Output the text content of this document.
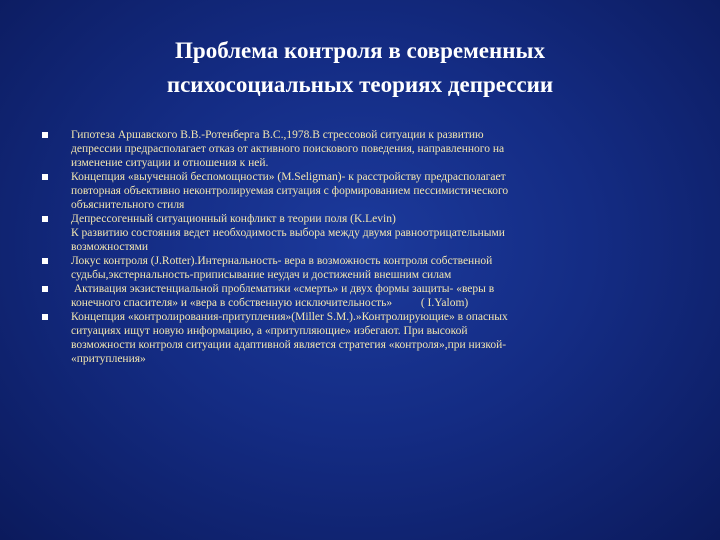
Проблема контроля в современных
психосоциальных теориях депрессии
Гипотеза Аршавского В.В.-Ротенберга В.С.,1978.В стрессовой ситуации к развитию
депрессии предрасполагает отказ от активного поискового поведения, направленного на
изменение ситуации и отношения к ней.
Концепция «выученной беспомощности» (M.Seligman)- к расстройству предрасполагает
повторная объективно неконтролируемая ситуация с формированием пессимистического
объяснительного стиля
Депрессогенный ситуационный конфликт в теории поля (K.Levin)
К развитию состояния ведет необходимость выбора между двумя равноотрицательными
возможностями
Локус контроля (J.Rotter).Интернальность- вера в возможность контроля собственной
судьбы,экстернальность-приписывание неудач и достижений внешним силам
Активация экзистенциальной проблематики «смерть» и двух формы защиты- «веры в
конечного спасителя» и «вера в собственную исключительность»          ( I.Yalom)
Концепция «контролирования-притупления»(Miller S.M.).»Контролирующие» в опасных
ситуациях ищут новую информацию, а «притупляющие» избегают. При высокой
возможности контроля ситуации адаптивной является стратегия «контроля»,при низкой-
«притупления»
